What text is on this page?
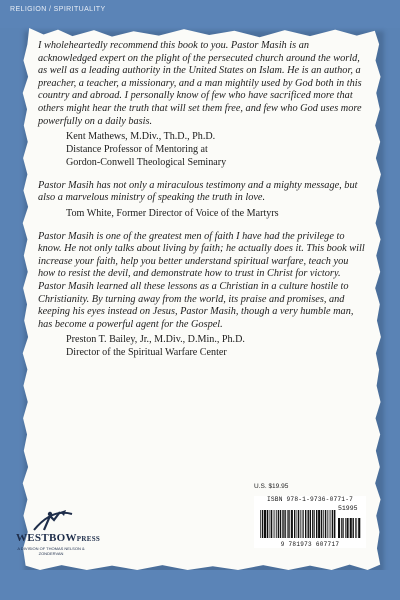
RELIGION / SPIRITUALITY

I wholeheartedly recommend this book to you. Pastor Masih is an acknowledged expert on the plight of the persecuted church around the world, as well as a leading authority in the United States on Islam. He is an author, a preacher, a teacher, a missionary, and a man mightily used by God both in this country and abroad. I personally know of few who have sacrificed more that others might hear the truth that will set them free, and few who God uses more powerfully on a daily basis.

Kent Mathews, M.Div., Th.D., Ph.D.
Distance Professor of Mentoring at
Gordon-Conwell Theological Seminary

Pastor Masih has not only a miraculous testimony and a mighty message, but also a marvelous ministry of speaking the truth in love.

Tom White, Former Director of Voice of the Martyrs

Pastor Masih is one of the greatest men of faith I have had the privilege to know. He not only talks about living by faith; he actually does it. This book will increase your faith, help you better understand spiritual warfare, teach you how to resist the devil, and demonstrate how to trust in Christ for victory. Pastor Masih learned all these lessons as a Christian in a culture hostile to Christianity. By turning away from the world, its praise and promises, and keeping his eyes instead on Jesus, Pastor Masih, though a very humble man, has become a powerful agent for the Gospel.

Preston T. Bailey, Jr., M.Div., D.Min., Ph.D.
Director of the Spiritual Warfare Center
U.S. $19.95
ISBN 978-1-9736-0771-7
51995
9 781973 607717
WESTBOWPRESS
A DIVISION OF THOMAS NELSON & ZONDERVAN
